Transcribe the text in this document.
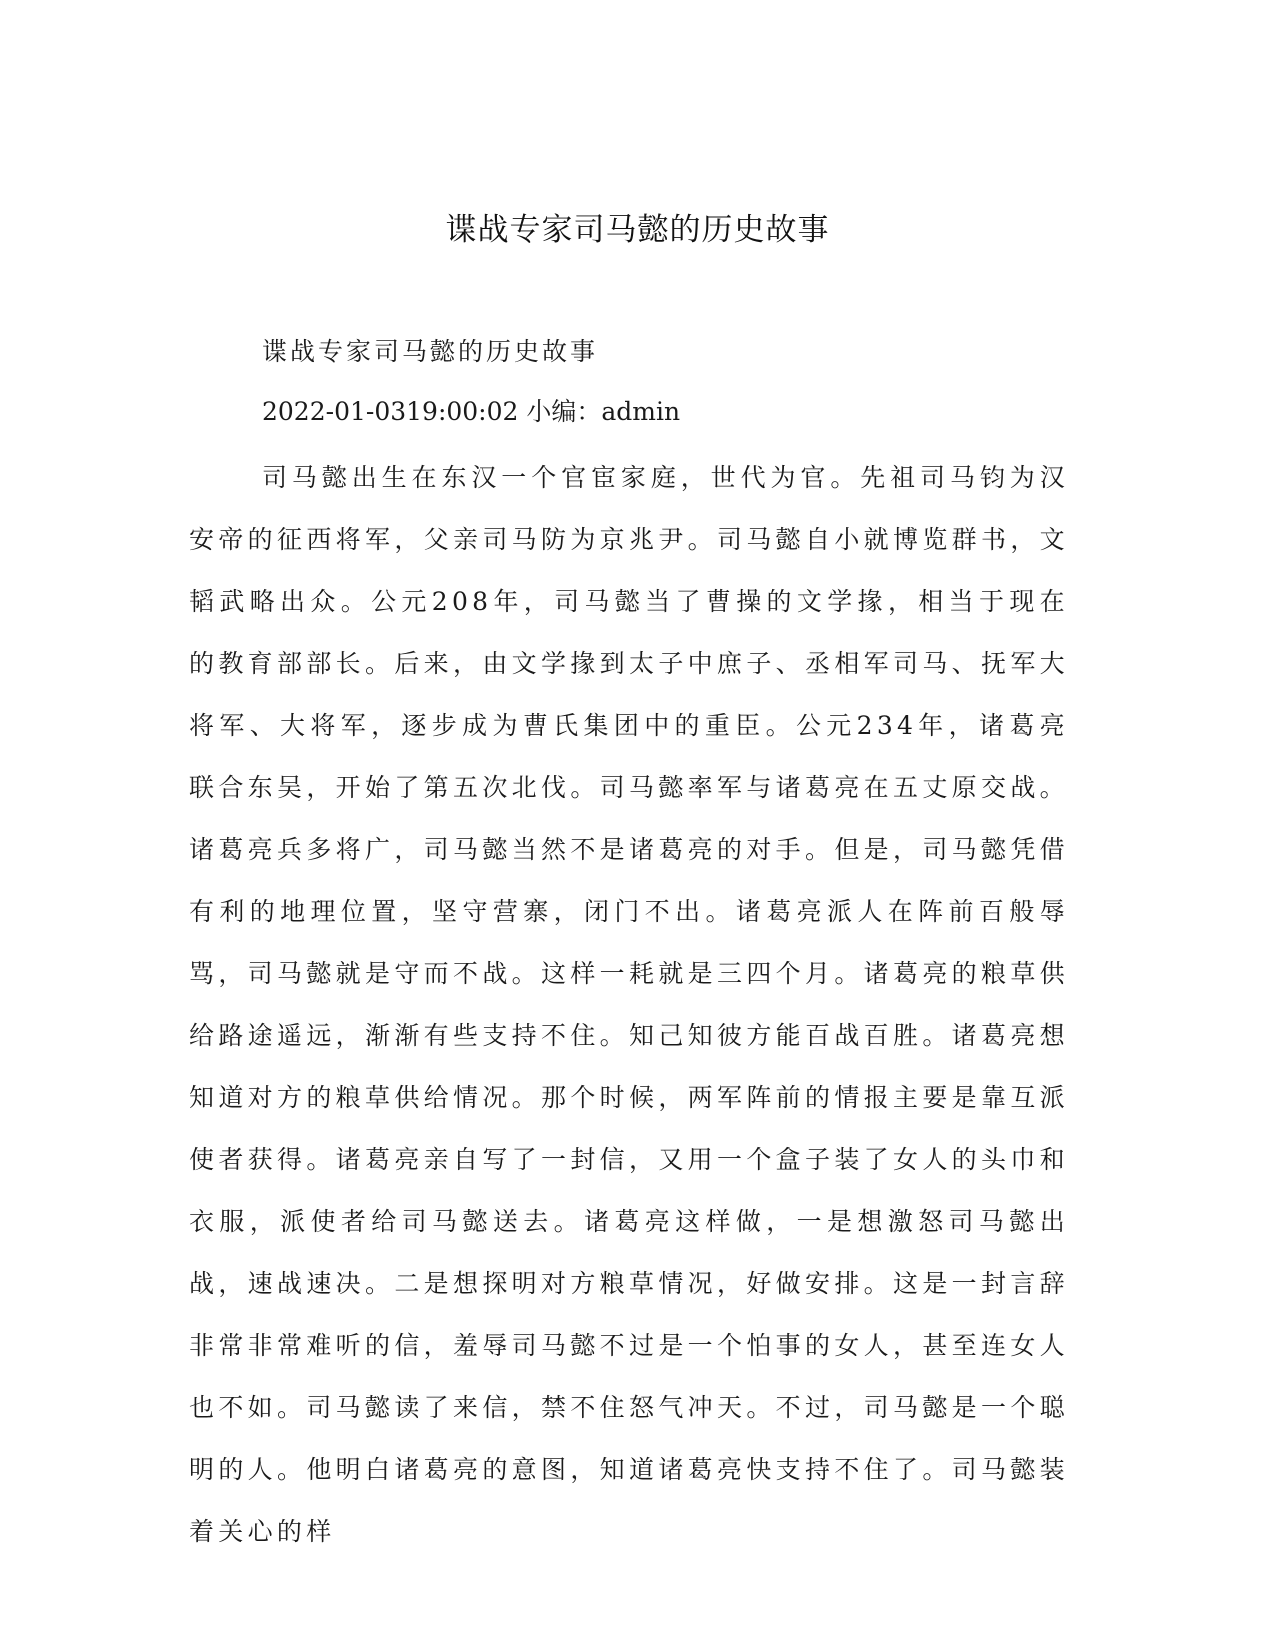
谍战专家司马懿的历史故事

谍战专家司马懿的历史故事

2022-01-0319:00:02 小编：admin

司马懿出生在东汉一个官宦家庭，世代为官。先祖司马钧为汉安帝的征西将军，父亲司马防为京兆尹。司马懿自小就博览群书，文韬武略出众。公元208年，司马懿当了曹操的文学掾，相当于现在的教育部部长。后来，由文学掾到太子中庶子、丞相军司马、抚军大将军、大将军，逐步成为曹氏集团中的重臣。公元234年，诸葛亮联合东吴，开始了第五次北伐。司马懿率军与诸葛亮在五丈原交战。诸葛亮兵多将广，司马懿当然不是诸葛亮的对手。但是，司马懿凭借有利的地理位置，坚守营寨，闭门不出。诸葛亮派人在阵前百般辱骂，司马懿就是守而不战。这样一耗就是三四个月。诸葛亮的粮草供给路途遥远，渐渐有些支持不住。知己知彼方能百战百胜。诸葛亮想知道对方的粮草供给情况。那个时候，两军阵前的情报主要是靠互派使者获得。诸葛亮亲自写了一封信，又用一个盒子装了女人的头巾和衣服，派使者给司马懿送去。诸葛亮这样做，一是想激怒司马懿出战，速战速决。二是想探明对方粮草情况，好做安排。这是一封言辞非常非常难听的信，羞辱司马懿不过是一个怕事的女人，甚至连女人也不如。司马懿读了来信，禁不住怒气冲天。不过，司马懿是一个聪明的人。他明白诸葛亮的意图，知道诸葛亮快支持不住了。司马懿装着关心的样
